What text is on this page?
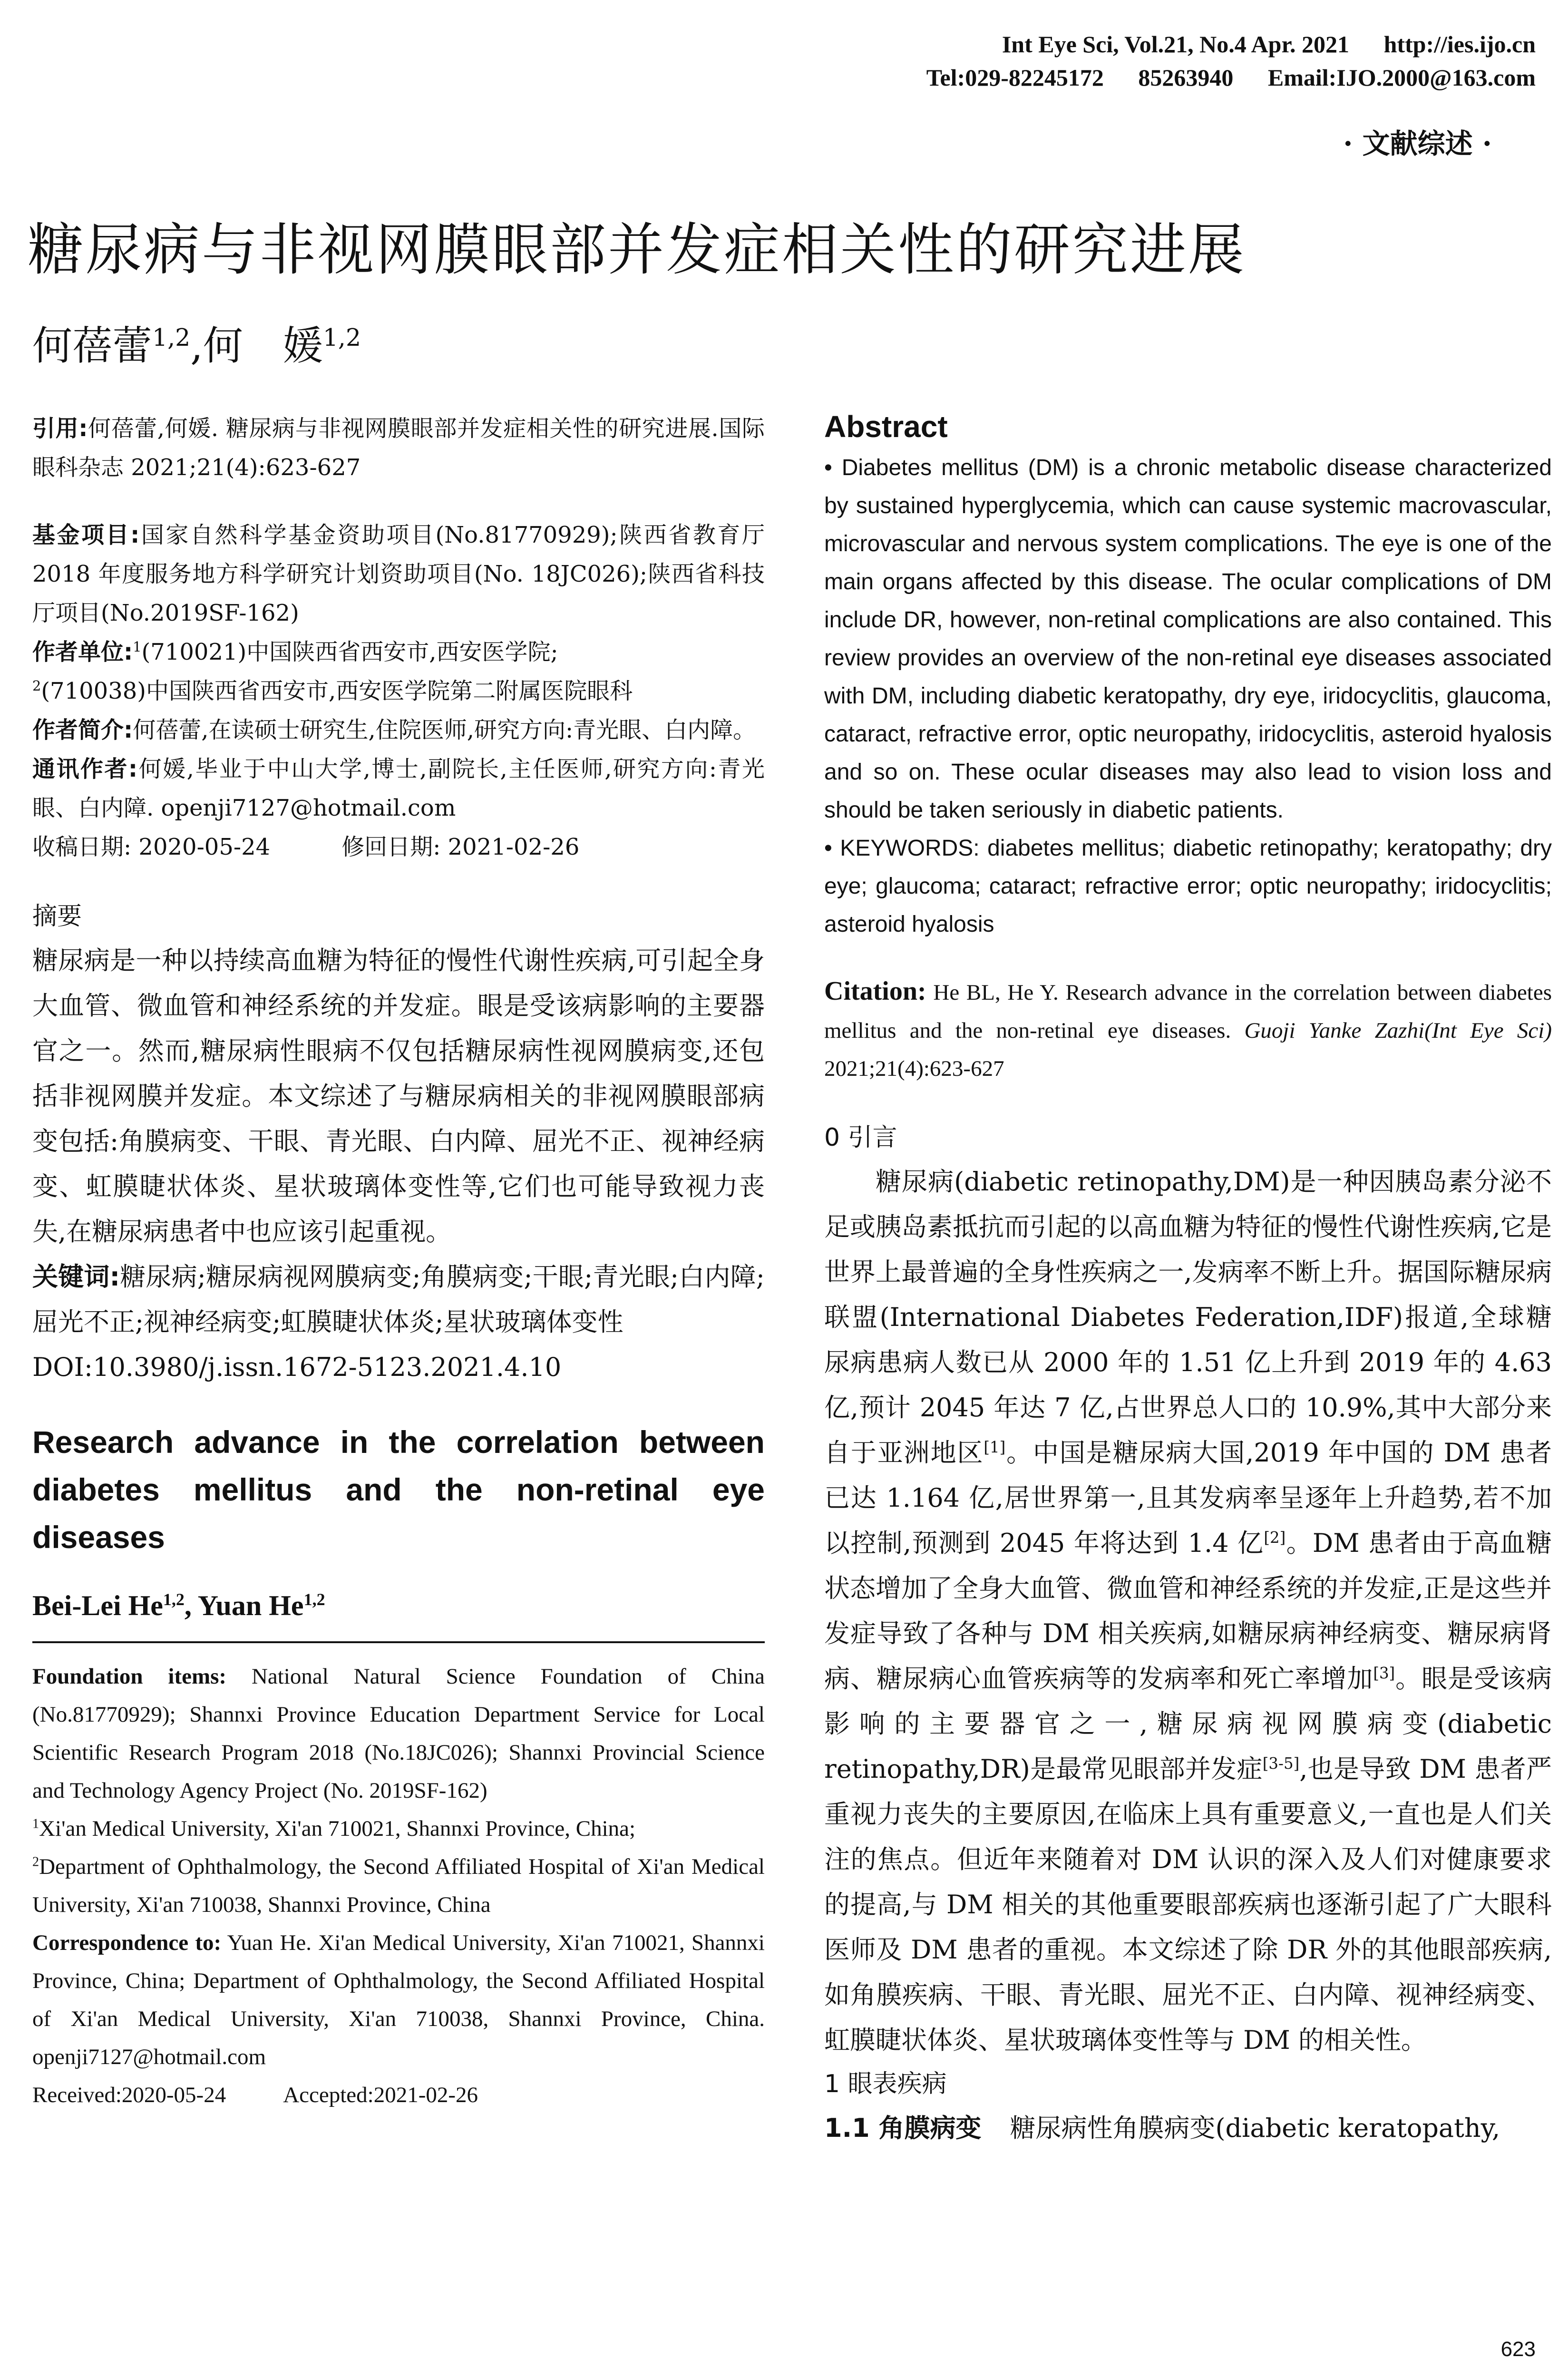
Int Eye Sci, Vol.21, No.4 Apr. 2021 http://ies.ijo.cn
Tel:029-82245172 85263940 Email:IJO.2000@163.com
· 文献综述 ·
糖尿病与非视网膜眼部并发症相关性的研究进展
何蓓蕾$^{1,2}$,何　媛$^{1,2}$

引用:何蓓蕾,何媛. 糖尿病与非视网膜眼部并发症相关性的研究进展.国际眼科杂志 2021;21(4):623-627

基金项目:国家自然科学基金资助项目(No.81770929);陕西省教育厅 2018 年度服务地方科学研究计划资助项目(No. 18JC026);陕西省科技厅项目(No.2019SF-162)

作者单位:$^1$(710021)中国陕西省西安市,西安医学院;
$^2$(710038)中国陕西省西安市,西安医学院第二附属医院眼科

作者简介:何蓓蕾,在读硕士研究生,住院医师,研究方向:青光眼、白内障。

通讯作者:何媛,毕业于中山大学,博士,副院长,主任医师,研究方向:青光眼、白内障. openji7127@hotmail.com

收稿日期: 2020-05-24	修回日期: 2021-02-26

摘要

糖尿病是一种以持续高血糖为特征的慢性代谢性疾病,可引起全身大血管、微血管和神经系统的并发症。眼是受该病影响的主要器官之一。然而,糖尿病性眼病不仅包括糖尿病性视网膜病变,还包括非视网膜并发症。本文综述了与糖尿病相关的非视网膜眼部病变包括:角膜病变、干眼、青光眼、白内障、屈光不正、视神经病变、虹膜睫状体炎、星状玻璃体变性等,它们也可能导致视力丧失,在糖尿病患者中也应该引起重视。

关键词:糖尿病;糖尿病视网膜病变;角膜病变;干眼;青光眼;白内障;屈光不正;视神经病变;虹膜睫状体炎;星状玻璃体变性

DOI:10.3980/j.issn.1672-5123.2021.4.10

Research advance in the correlation between diabetes mellitus and the non-retinal eye diseases

Bei-Lei He$^{1,2}$, Yuan He$^{1,2}$

Foundation items: National Natural Science Foundation of China (No.81770929); Shannxi Province Education Department Service for Local Scientific Research Program 2018 (No.18JC026); Shannxi Provincial Science and Technology Agency Project (No. 2019SF-162)

$^1$Xi'an Medical University, Xi'an 710021, Shannxi Province, China;

$^2$Department of Ophthalmology, the Second Affiliated Hospital of Xi'an Medical University, Xi'an 710038, Shannxi Province, China

Correspondence to: Yuan He. Xi'an Medical University, Xi'an 710021, Shannxi Province, China; Department of Ophthalmology, the Second Affiliated Hospital of Xi'an Medical University, Xi'an 710038, Shannxi Province, China. openji7127@hotmail.com

Received:2020-05-24	Accepted:2021-02-26

Abstract

• Diabetes mellitus (DM) is a chronic metabolic disease characterized by sustained hyperglycemia, which can cause systemic macrovascular, microvascular and nervous system complications. The eye is one of the main organs affected by this disease. The ocular complications of DM include DR, however, non-retinal complications are also contained. This review provides an overview of the non-retinal eye diseases associated with DM, including diabetic keratopathy, dry eye, iridocyclitis, glaucoma, cataract, refractive error, optic neuropathy, iridocyclitis, asteroid hyalosis and so on. These ocular diseases may also lead to vision loss and should be taken seriously in diabetic patients.

• KEYWORDS: diabetes mellitus; diabetic retinopathy; keratopathy; dry eye; glaucoma; cataract; refractive error; optic neuropathy; iridocyclitis; asteroid hyalosis

Citation: He BL, He Y. Research advance in the correlation between diabetes mellitus and the non-retinal eye diseases. Guoji Yanke Zazhi(Int Eye Sci) 2021;21(4):623-627

0 引言

糖尿病(diabetic retinopathy,DM)是一种因胰岛素分泌不足或胰岛素抵抗而引起的以高血糖为特征的慢性代谢性疾病,它是世界上最普遍的全身性疾病之一,发病率不断上升。据国际糖尿病联盟(International Diabetes Federation,IDF)报道,全球糖尿病患病人数已从 2000 年的 1.51 亿上升到 2019 年的 4.63 亿,预计 2045 年达 7 亿,占世界总人口的 10.9%,其中大部分来自于亚洲地区[1]。中国是糖尿病大国,2019 年中国的 DM 患者已达 1.164 亿,居世界第一,且其发病率呈逐年上升趋势,若不加以控制,预测到 2045 年将达到 1.4 亿[2]。DM 患者由于高血糖状态增加了全身大血管、微血管和神经系统的并发症,正是这些并发症导致了各种与 DM 相关疾病,如糖尿病神经病变、糖尿病肾病、糖尿病心血管疾病等的发病率和死亡率增加[3]。眼是受该病影响的主要器官之一,糖尿病视网膜病变(diabetic retinopathy,DR)是最常见眼部并发症[3-5],也是导致 DM 患者严重视力丧失的主要原因,在临床上具有重要意义,一直也是人们关注的焦点。但近年来随着对 DM 认识的深入及人们对健康要求的提高,与 DM 相关的其他重要眼部疾病也逐渐引起了广大眼科医师及 DM 患者的重视。本文综述了除 DR 外的其他眼部疾病,如角膜疾病、干眼、青光眼、屈光不正、白内障、视神经病变、虹膜睫状体炎、星状玻璃体变性等与 DM 的相关性。

1 眼表疾病

1.1 角膜病变 糖尿病性角膜病变(diabetic keratopathy,

623
